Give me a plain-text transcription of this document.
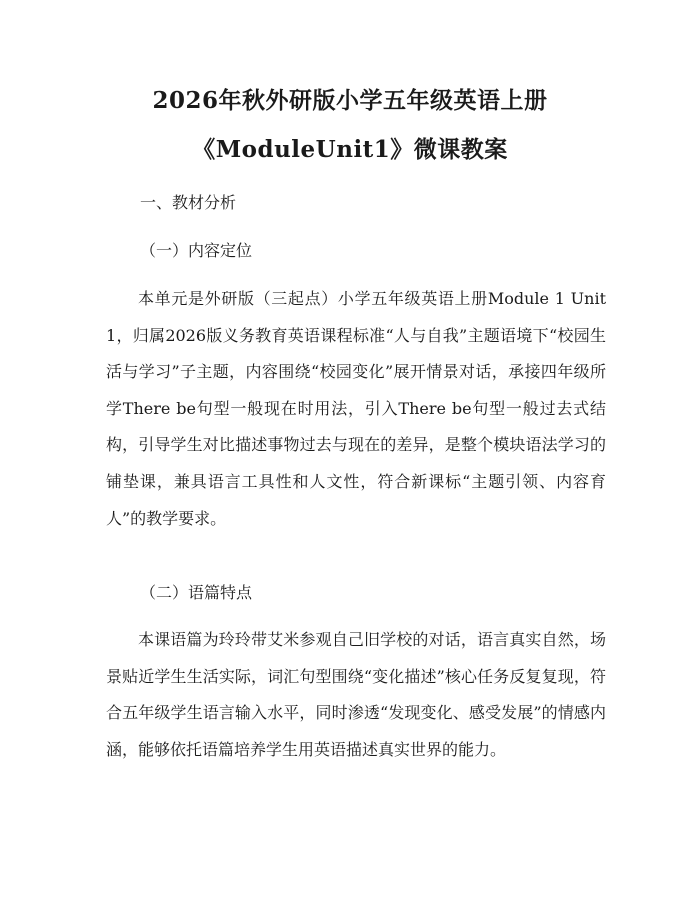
2026年秋外研版小学五年级英语上册
《ModuleUnit1》微课教案
一、教材分析
（一）内容定位

本单元是外研版（三起点）小学五年级英语上册Module 1 Unit 1，归属2026版义务教育英语课程标准“人与自我”主题语境下“校园生活与学习”子主题，内容围绕“校园变化”展开情景对话，承接四年级所学There be句型一般现在时用法，引入There be句型一般过去式结构，引导学生对比描述事物过去与现在的差异，是整个模块语法学习的铺垫课，兼具语言工具性和人文性，符合新课标“主题引领、内容育人”的教学要求。

（二）语篇特点

本课语篇为玲玲带艾米参观自己旧学校的对话，语言真实自然，场景贴近学生生活实际，词汇句型围绕“变化描述”核心任务反复复现，符合五年级学生语言输入水平，同时渗透“发现变化、感受发展”的情感内涵，能够依托语篇培养学生用英语描述真实世界的能力。
